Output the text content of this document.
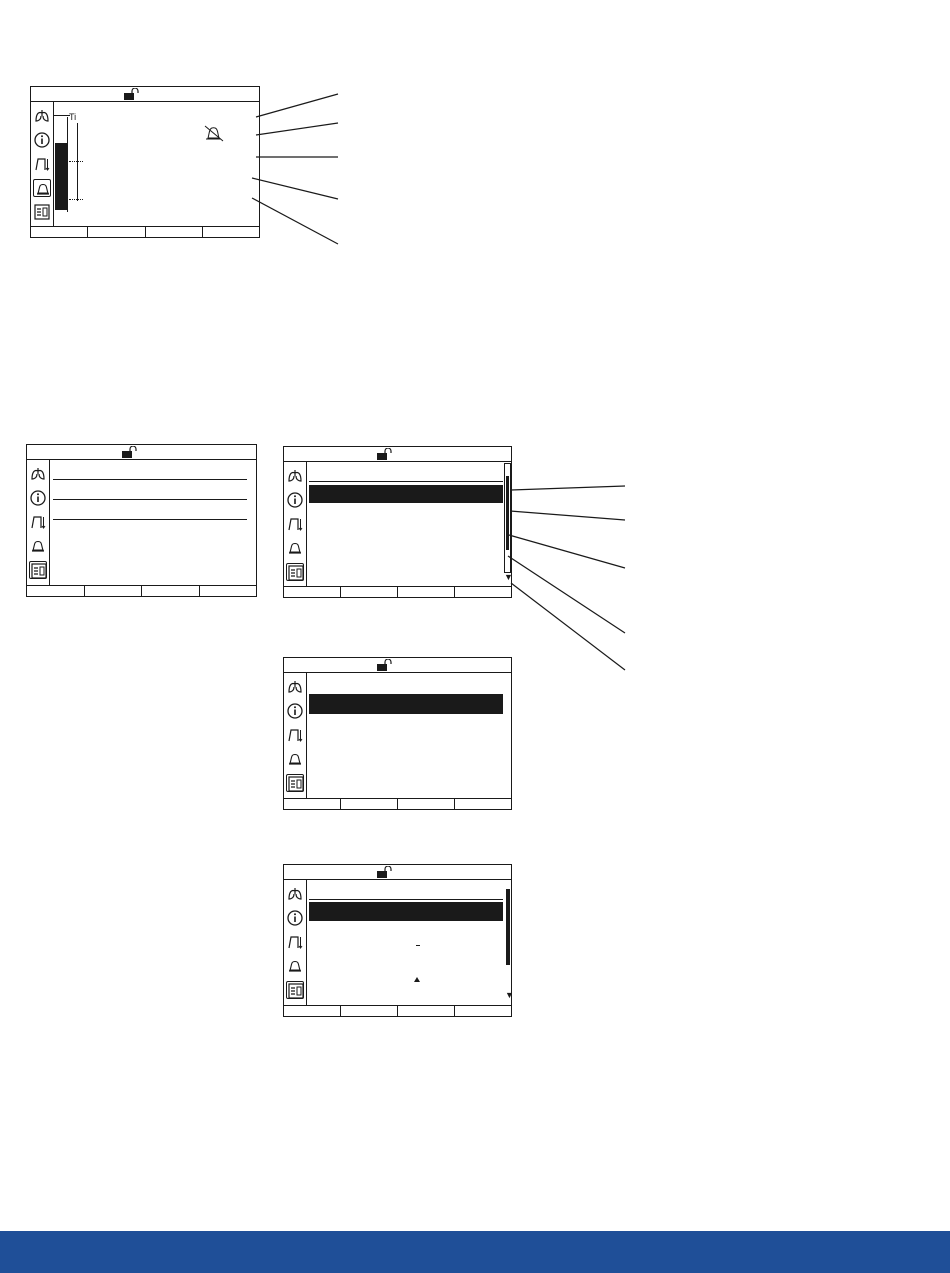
Ti
▼
▼
